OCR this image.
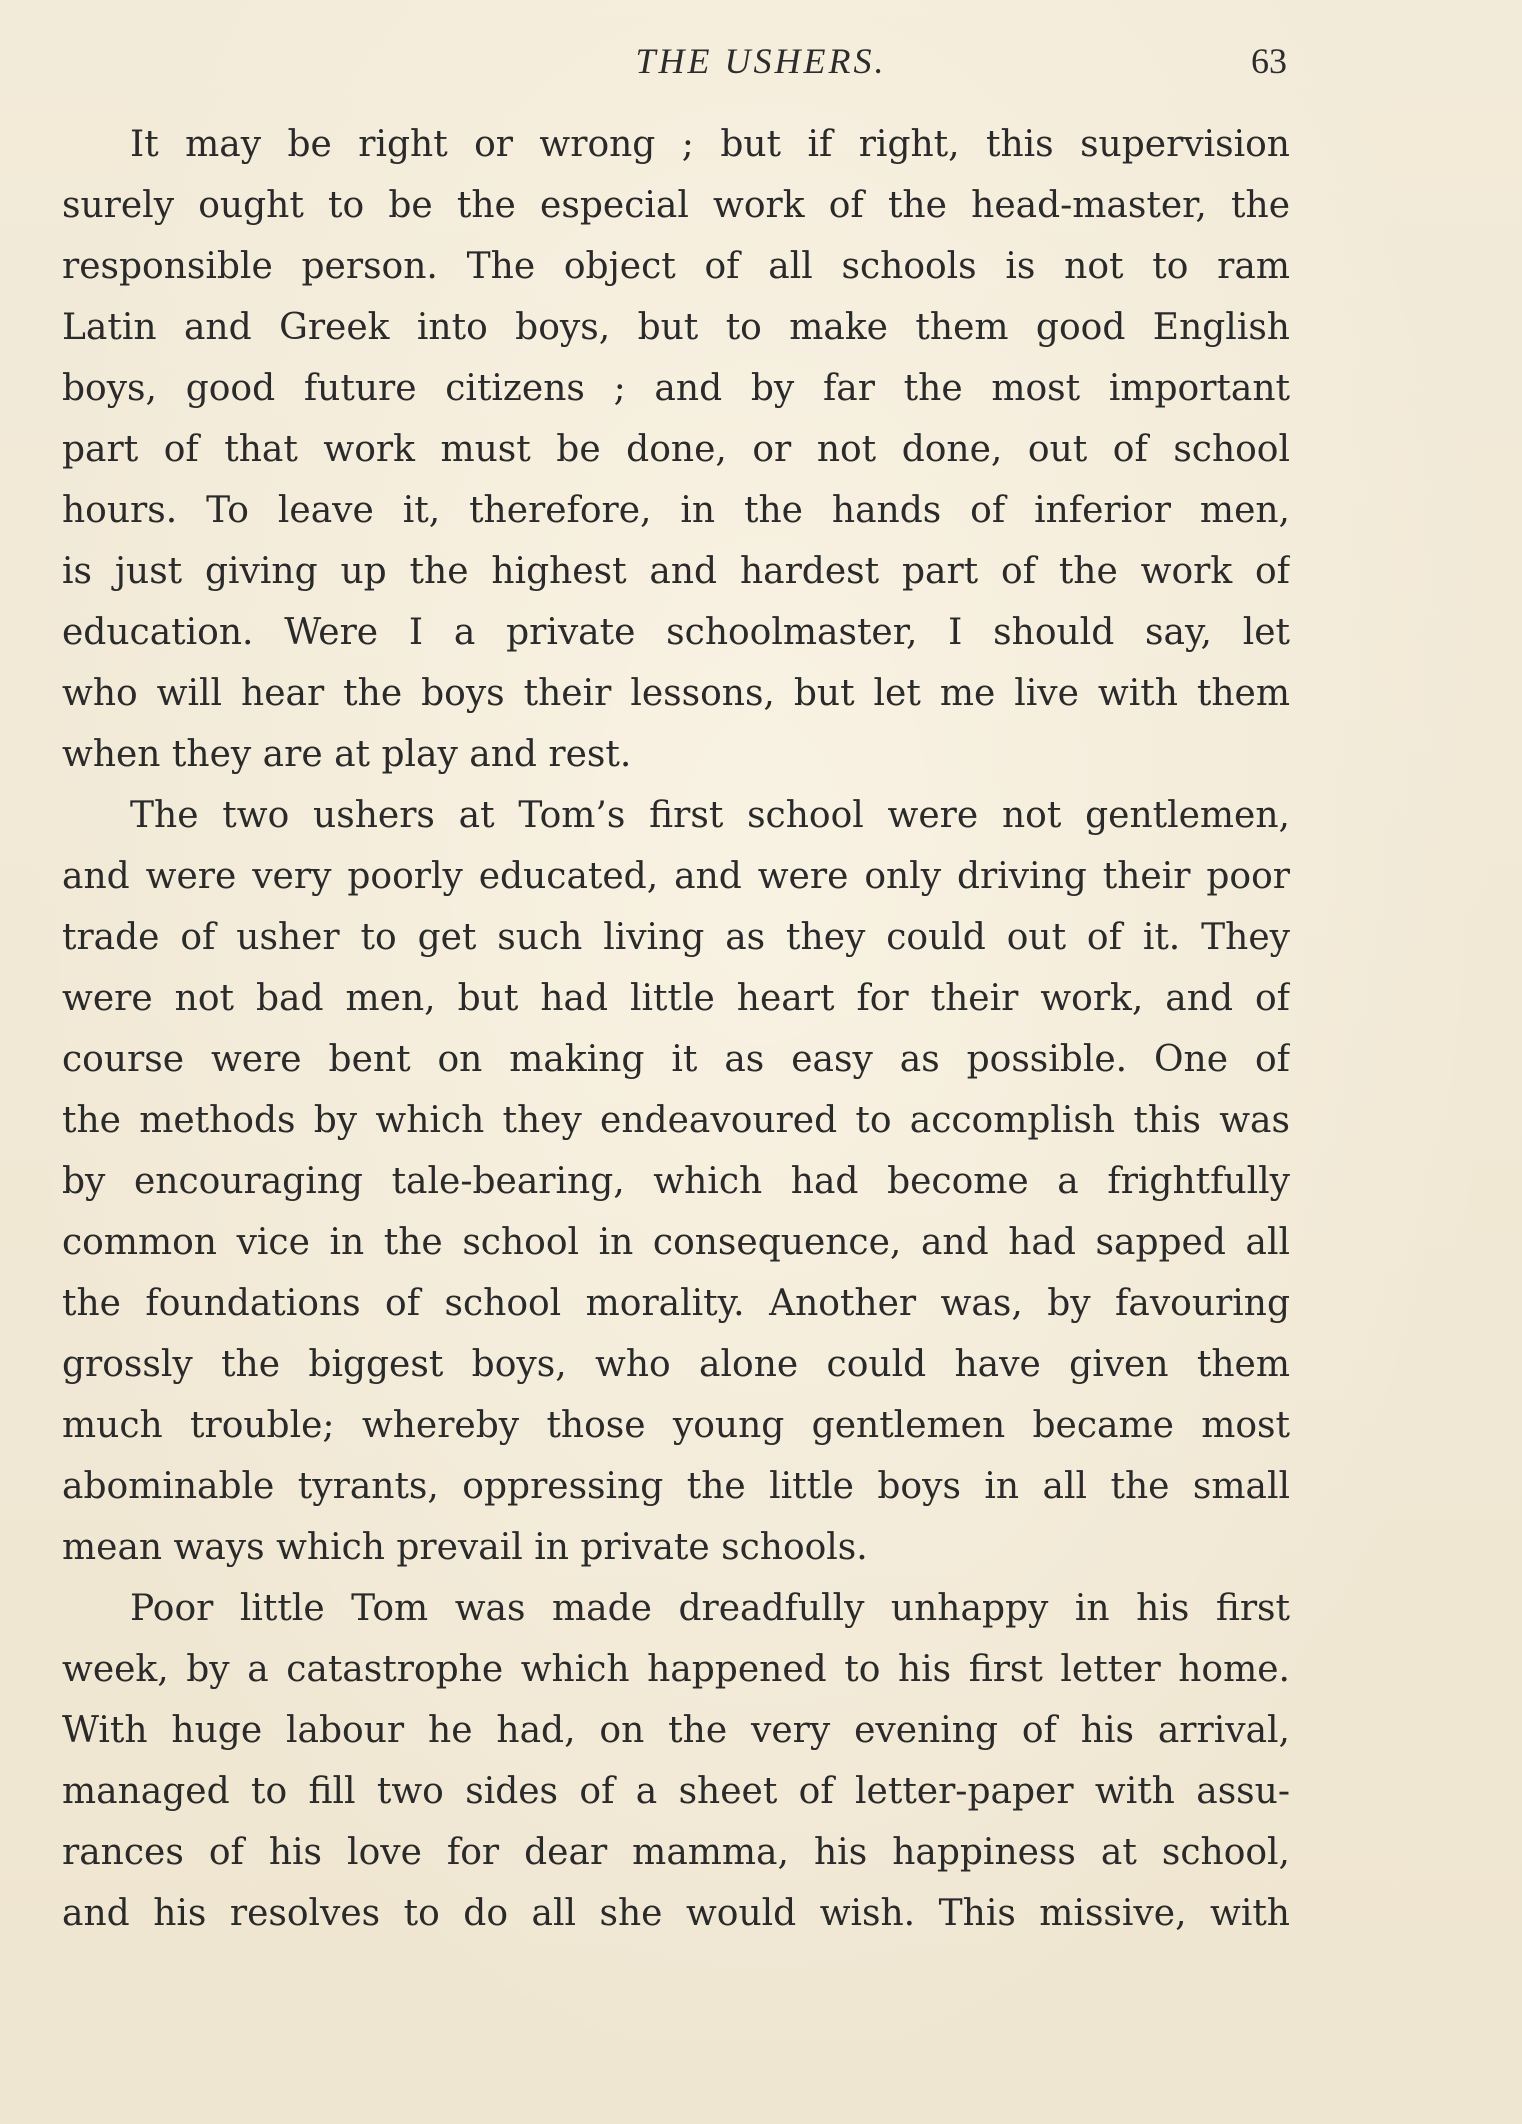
THE USHERS.	63

It may be right or wrong ; but if right, this supervision
surely ought to be the especial work of the head-master, the
responsible person. The object of all schools is not to ram
Latin and Greek into boys, but to make them good English
boys, good future citizens ; and by far the most important
part of that work must be done, or not done, out of school
hours. To leave it, therefore, in the hands of inferior men,
is just giving up the highest and hardest part of the work of
education. Were I a private schoolmaster, I should say, let
who will hear the boys their lessons, but let me live with them
when they are at play and rest.

The two ushers at Tom’s first school were not gentlemen,
and were very poorly educated, and were only driving their poor
trade of usher to get such living as they could out of it. They
were not bad men, but had little heart for their work, and of
course were bent on making it as easy as possible. One of
the methods by which they endeavoured to accomplish this was
by encouraging tale-bearing, which had become a frightfully
common vice in the school in consequence, and had sapped all
the foundations of school morality. Another was, by favouring
grossly the biggest boys, who alone could have given them
much trouble; whereby those young gentlemen became most
abominable tyrants, oppressing the little boys in all the small
mean ways which prevail in private schools.

Poor little Tom was made dreadfully unhappy in his first
week, by a catastrophe which happened to his first letter home.
With huge labour he had, on the very evening of his arrival,
managed to fill two sides of a sheet of letter-paper with assu-
rances of his love for dear mamma, his happiness at school,
and his resolves to do all she would wish. This missive, with
